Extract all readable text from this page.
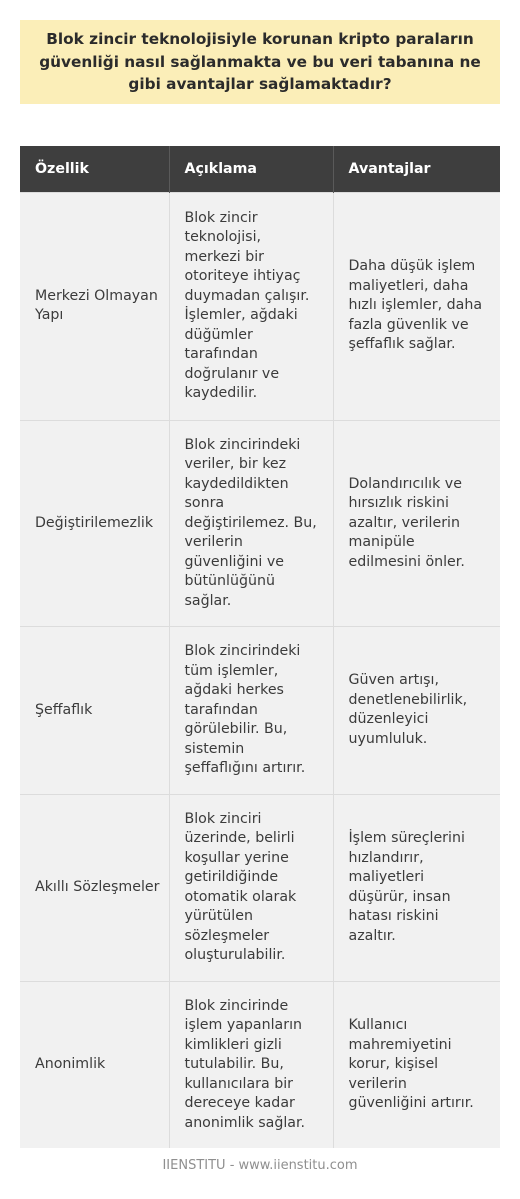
Blok zincir teknolojisiyle korunan kripto paraların güvenliği nasıl sağlanmakta ve bu veri tabanına ne gibi avantajlar sağlamaktadır?

Özellik	Açıklama	Avantajlar
Merkezi Olmayan Yapı	Blok zincir teknolojisi, merkezi bir otoriteye ihtiyaç duymadan çalışır. İşlemler, ağdaki düğümler tarafından doğrulanır ve kaydedilir.	Daha düşük işlem maliyetleri, daha hızlı işlemler, daha fazla güvenlik ve şeffaflık sağlar.
Değiştirilemezlik	Blok zincirindeki veriler, bir kez kaydedildikten sonra değiştirilemez. Bu, verilerin güvenliğini ve bütünlüğünü sağlar.	Dolandırıcılık ve hırsızlık riskini azaltır, verilerin manipüle edilmesini önler.
Şeffaflık	Blok zincirindeki tüm işlemler, ağdaki herkes tarafından görülebilir. Bu, sistemin şeffaflığını artırır.	Güven artışı, denetlenebilirlik, düzenleyici uyumluluk.
Akıllı Sözleşmeler	Blok zinciri üzerinde, belirli koşullar yerine getirildiğinde otomatik olarak yürütülen sözleşmeler oluşturulabilir.	İşlem süreçlerini hızlandırır, maliyetleri düşürür, insan hatası riskini azaltır.
Anonimlik	Blok zincirinde işlem yapanların kimlikleri gizli tutulabilir. Bu, kullanıcılara bir dereceye kadar anonimlik sağlar.	Kullanıcı mahremiyetini korur, kişisel verilerin güvenliğini artırır.
IIENSTITU - www.iienstitu.com
